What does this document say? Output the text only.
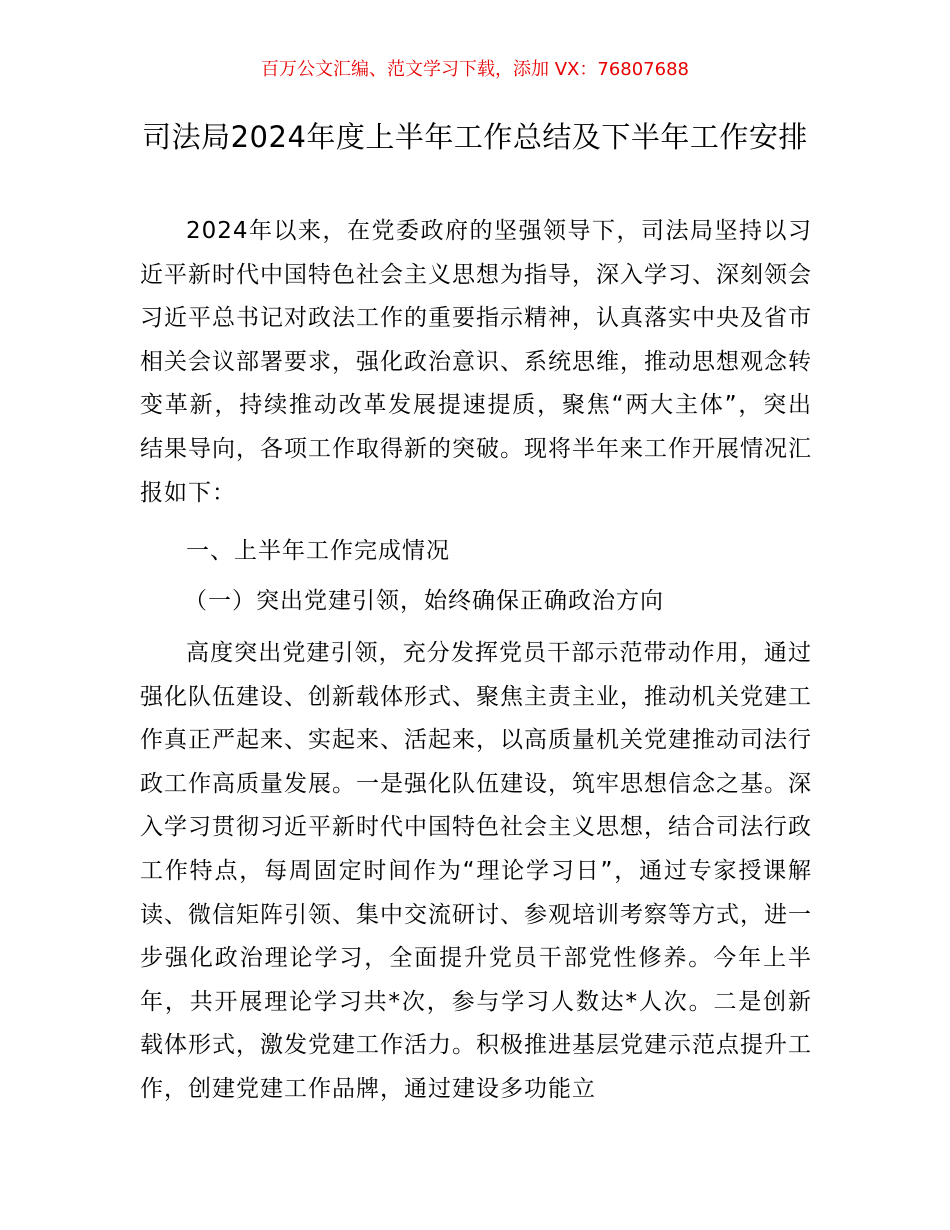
百万公文汇编、范文学习下载，添加 VX：76807688
司法局2024年度上半年工作总结及下半年工作安排
2024年以来，在党委政府的坚强领导下，司法局坚持以习近平新时代中国特色社会主义思想为指导，深入学习、深刻领会习近平总书记对政法工作的重要指示精神，认真落实中央及省市相关会议部署要求，强化政治意识、系统思维，推动思想观念转变革新，持续推动改革发展提速提质，聚焦“两大主体”，突出结果导向，各项工作取得新的突破。现将半年来工作开展情况汇报如下：
一、上半年工作完成情况
（一）突出党建引领，始终确保正确政治方向
高度突出党建引领，充分发挥党员干部示范带动作用，通过强化队伍建设、创新载体形式、聚焦主责主业，推动机关党建工作真正严起来、实起来、活起来，以高质量机关党建推动司法行政工作高质量发展。一是强化队伍建设，筑牢思想信念之基。深入学习贯彻习近平新时代中国特色社会主义思想，结合司法行政工作特点，每周固定时间作为“理论学习日”，通过专家授课解读、微信矩阵引领、集中交流研讨、参观培训考察等方式，进一步强化政治理论学习，全面提升党员干部党性修养。今年上半年，共开展理论学习共*次，参与学习人数达*人次。二是创新载体形式，激发党建工作活力。积极推进基层党建示范点提升工作，创建党建工作品牌，通过建设多功能立
